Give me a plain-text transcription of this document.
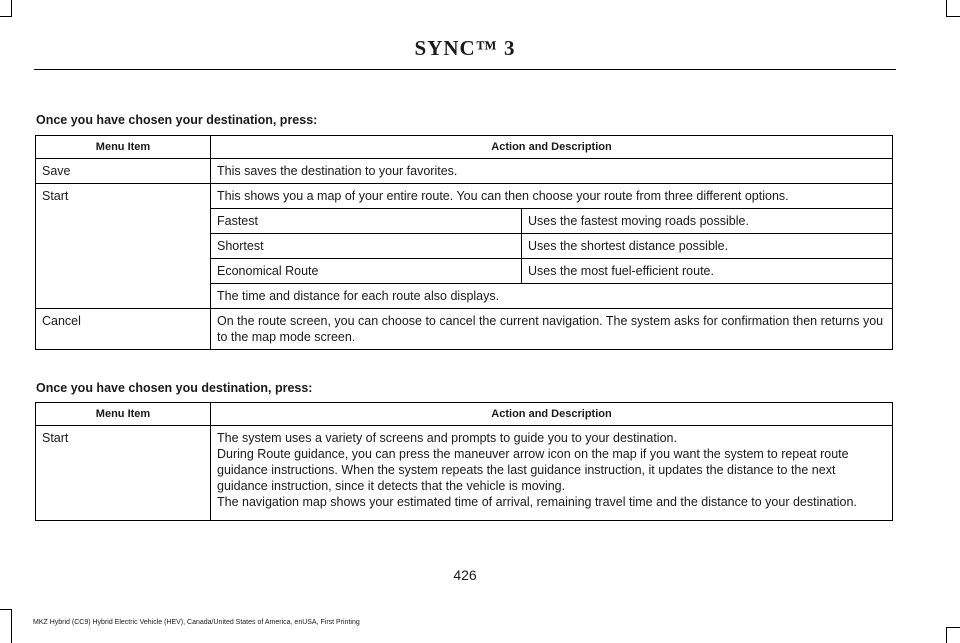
SYNC™ 3
Once you have chosen your destination, press:
Menu Item	Action and Description	
Save	This saves the destination to your favorites.	
Start	This shows you a map of your entire route. You can then choose your route from three different options.	
	Fastest	Uses the fastest moving roads possible.
	Shortest	Uses the shortest distance possible.
	Economical Route	Uses the most fuel-efficient route.
	The time and distance for each route also displays.	
Cancel	On the route screen, you can choose to cancel the current navigation. The system asks for confirmation then returns you to the map mode screen.	
Once you have chosen you destination, press:
Menu Item	Action and Description
Start	The system uses a variety of screens and prompts to guide you to your destination.
During Route guidance, you can press the maneuver arrow icon on the map if you want the system to repeat route guidance instructions. When the system repeats the last guidance instruction, it updates the distance to the next guidance instruction, since it detects that the vehicle is moving.
The navigation map shows your estimated time of arrival, remaining travel time and the distance to your destination.
426
MKZ Hybrid (CC9) Hybrid Electric Vehicle (HEV), Canada/United States of America, enUSA, First Printing
